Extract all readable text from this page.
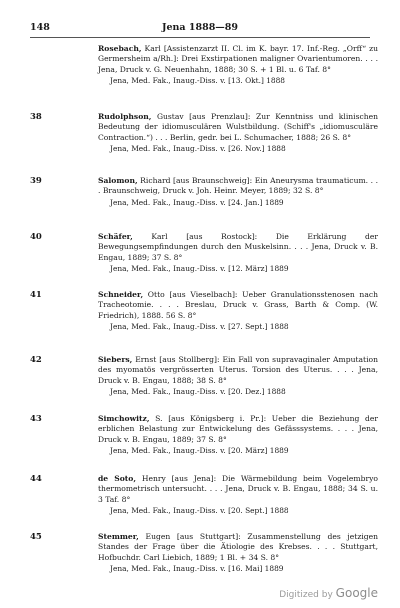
148	Jena 1888—89
Rosebach, Karl [Assistenzarzt II. Cl. im K. bayr. 17. Inf.-Reg. „Orff“ zu Germersheim a/Rh.]: Drei Exstirpationen maligner Ovarientumoren. . . . Jena, Druck v. G. Neuenhahn, 1888; 30 S. + 1 Bl. u. 6 Taf. 8°
Jena, Med. Fak., Inaug.-Diss. v. [13. Okt.] 1888
38	Rudolphson, Gustav [aus Prenzlau]: Zur Kenntniss und klinischen Bedeutung der idiomusculären Wulstbildung. (Schiff's „idiomusculäre Contraction.“) . . . Berlin, gedr. bei L. Schumacher, 1888; 26 S. 8°
Jena, Med. Fak., Inaug.-Diss. v. [26. Nov.] 1888
39	Salomon, Richard [aus Braunschweig]: Ein Aneurysma traumaticum. . . . Braunschweig, Druck v. Joh. Heinr. Meyer, 1889; 32 S. 8°
Jena, Med. Fak., Inaug.-Diss. v. [24. Jan.] 1889
40	Schäfer, Karl [aus Rostock]: Die Erklärung der Bewegungsempfindungen durch den Muskelsinn. . . . Jena, Druck v. B. Engau, 1889; 37 S. 8°
Jena, Med. Fak., Inaug.-Diss. v. [12. März] 1889
41	Schneider, Otto [aus Vieselbach]: Ueber Granulationsstenosen nach Tracheotomie. . . . Breslau, Druck v. Grass, Barth & Comp. (W. Friedrich), 1888. 56 S. 8°
Jena, Med. Fak., Inaug.-Diss. v. [27. Sept.] 1888
42	Siebers, Ernst [aus Stollberg]: Ein Fall von supravaginaler Amputation des myomatös vergrösserten Uterus. Torsion des Uterus. . . . Jena, Druck v. B. Engau, 1888; 38 S. 8°
Jena, Med. Fak., Inaug.-Diss. v. [20. Dez.] 1888
43	Simchowitz, S. [aus Königsberg i. Pr.]: Ueber die Beziehung der erblichen Belastung zur Entwickelung des Gefässsystems. . . . Jena, Druck v. B. Engau, 1889; 37 S. 8°
Jena, Med. Fak., Inaug.-Diss. v. [20. März] 1889
44	de Soto, Henry [aus Jena]: Die Wärmebildung beim Vogelembryo thermometrisch untersucht. . . . Jena, Druck v. B. Engau, 1888; 34 S. u. 3 Taf. 8°
Jena, Med. Fak., Inaug.-Diss. v. [20. Sept.] 1888
45	Stemmer, Eugen [aus Stuttgart]: Zusammenstellung des jetzigen Standes der Frage über die Ätiologie des Krebses. . . . Stuttgart, Hofbuchdr. Carl Liebich, 1889; 1 Bl. + 34 S. 8°
Jena, Med. Fak., Inaug.-Diss. v. [16. Mai] 1889
Digitized by Google
